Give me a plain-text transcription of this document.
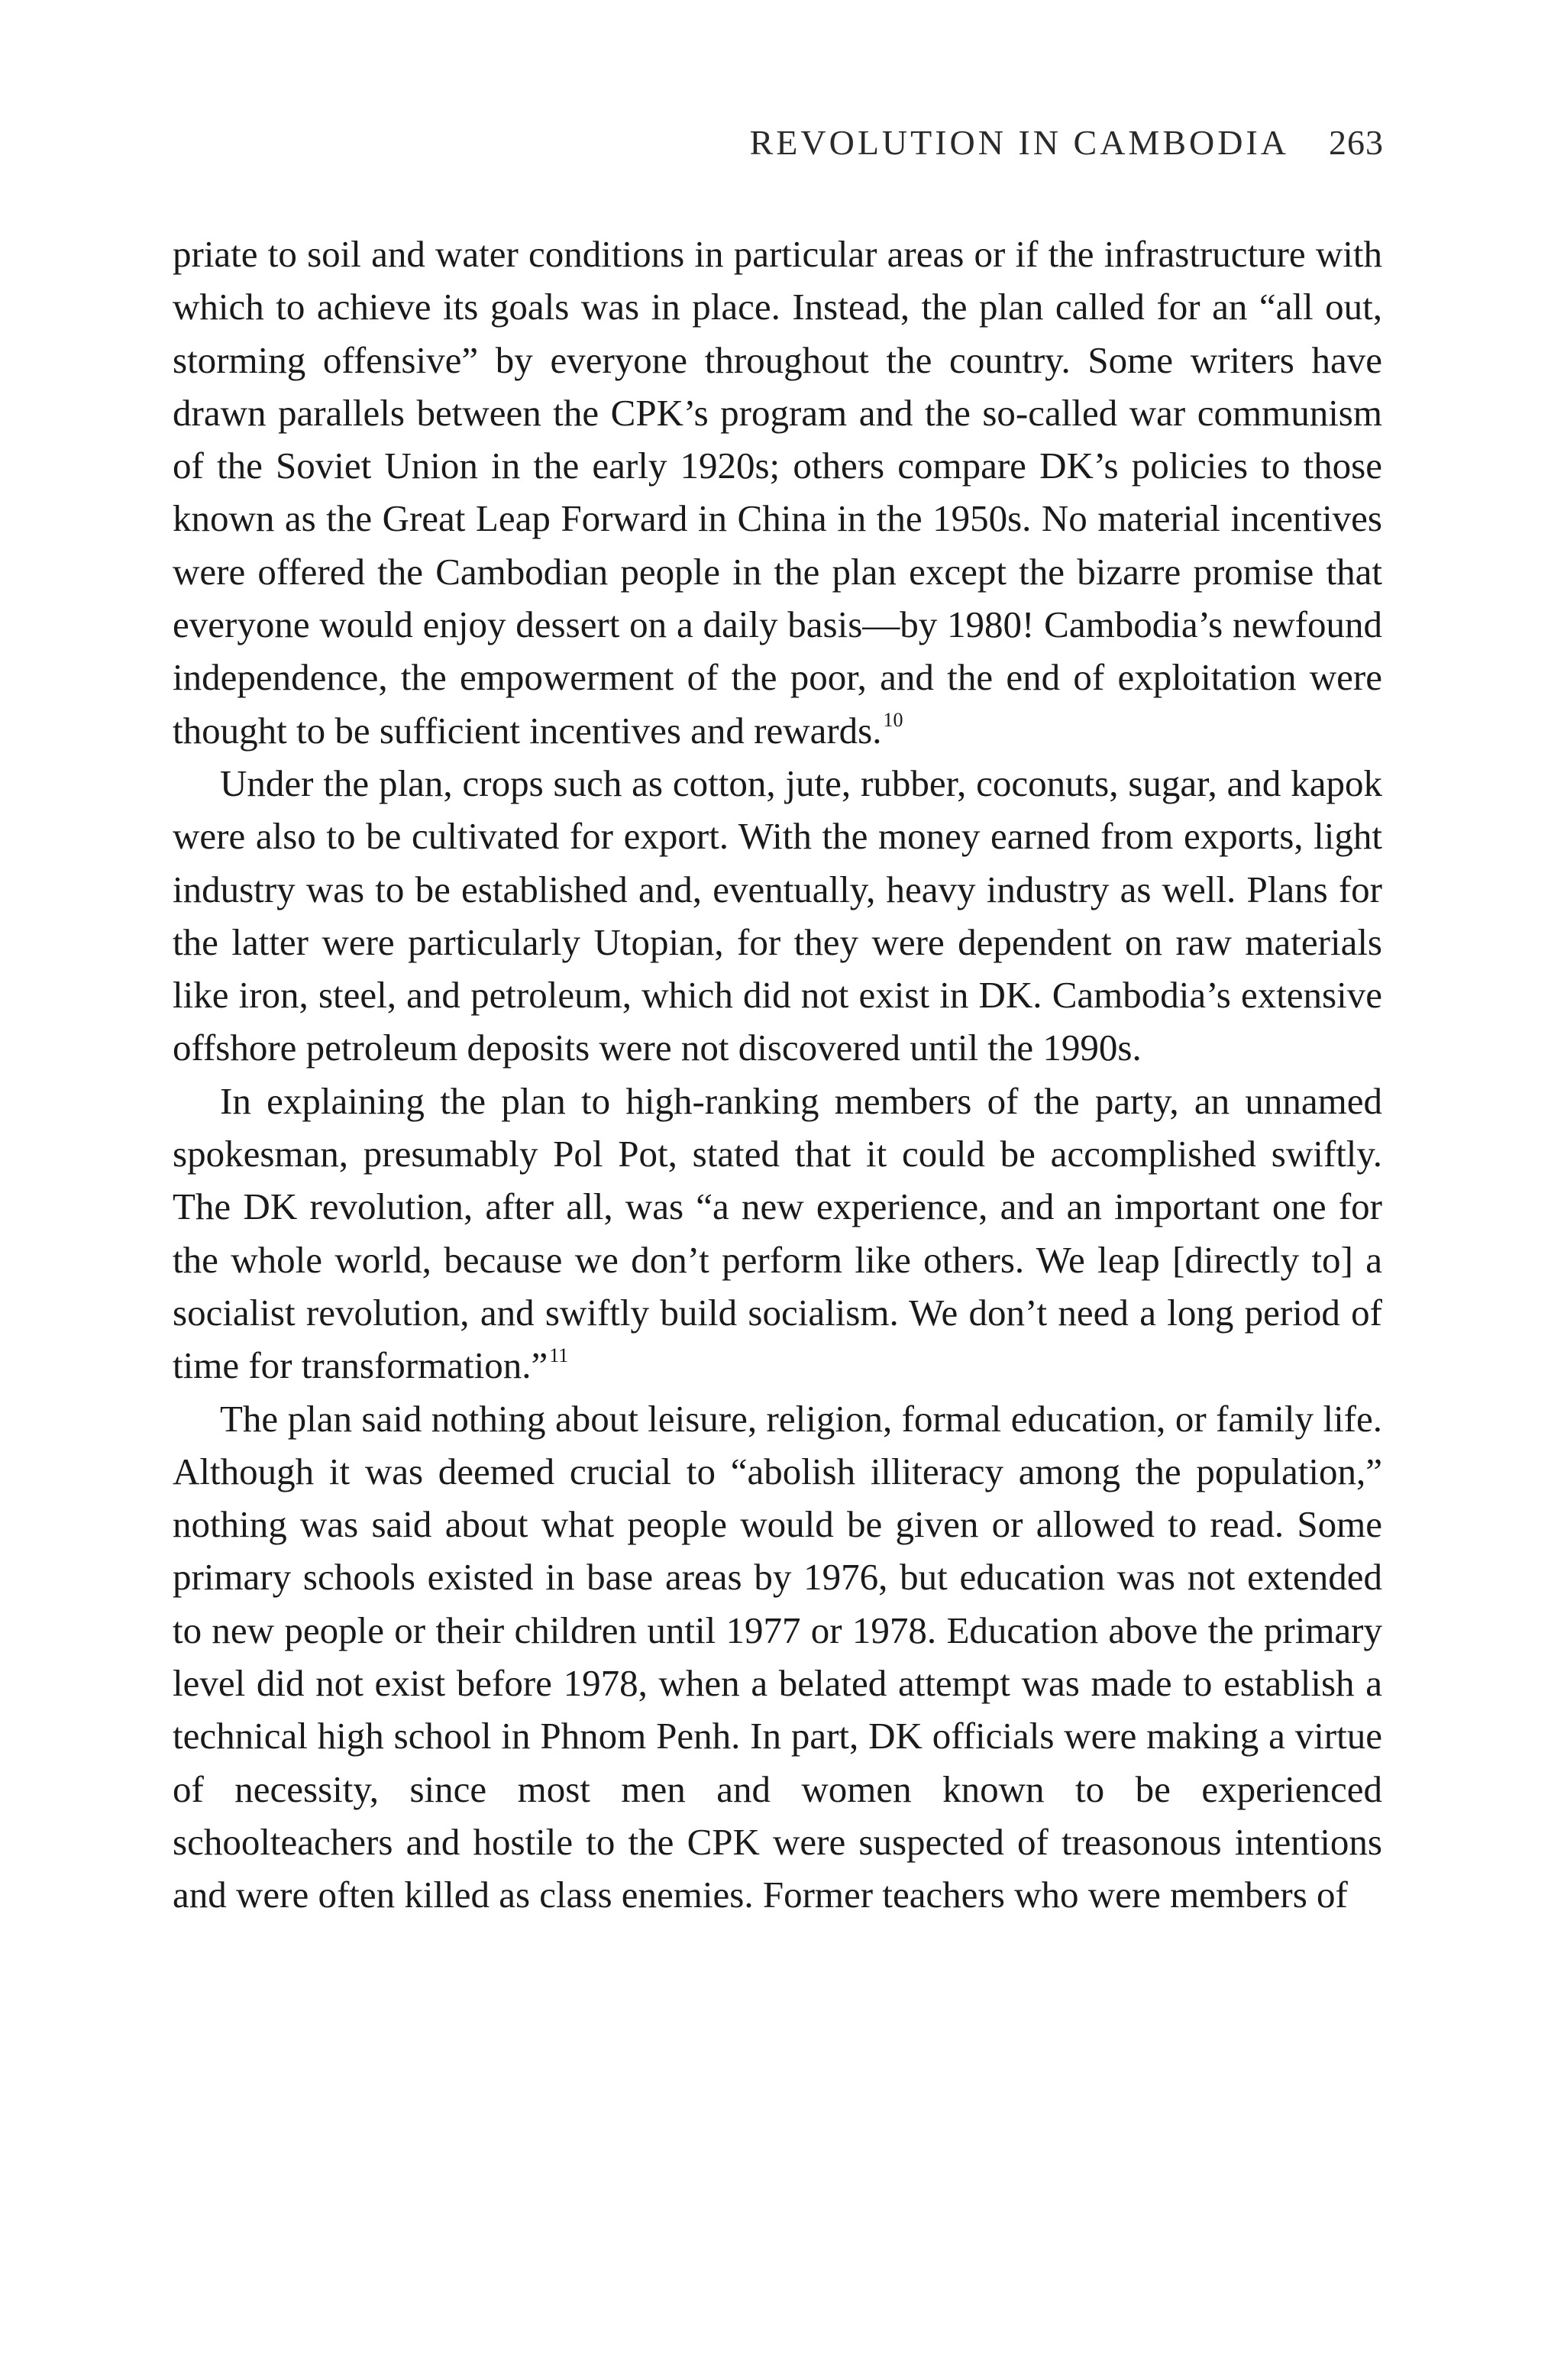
REVOLUTION IN CAMBODIA 263

priate to soil and water conditions in particular areas or if the infrastructure with which to achieve its goals was in place. Instead, the plan called for an “all out, storming offensive” by everyone throughout the country. Some writers have drawn parallels between the CPK’s program and the so-called war communism of the Soviet Union in the early 1920s; others compare DK’s policies to those known as the Great Leap Forward in China in the 1950s. No material incentives were offered the Cambodian people in the plan except the bizarre promise that everyone would enjoy dessert on a daily basis—by 1980! Cambodia’s newfound independence, the empowerment of the poor, and the end of exploitation were thought to be sufficient incentives and rewards.$^{10}$

Under the plan, crops such as cotton, jute, rubber, coconuts, sugar, and kapok were also to be cultivated for export. With the money earned from exports, light industry was to be established and, eventually, heavy industry as well. Plans for the latter were particularly Utopian, for they were dependent on raw materials like iron, steel, and petroleum, which did not exist in DK. Cambodia’s extensive offshore petroleum deposits were not discovered until the 1990s.

In explaining the plan to high-ranking members of the party, an unnamed spokesman, presumably Pol Pot, stated that it could be accomplished swiftly. The DK revolution, after all, was “a new experience, and an important one for the whole world, because we don’t perform like others. We leap [directly to] a socialist revolution, and swiftly build socialism. We don’t need a long period of time for transformation.”$^{11}$

The plan said nothing about leisure, religion, formal education, or family life. Although it was deemed crucial to “abolish illiteracy among the population,” nothing was said about what people would be given or allowed to read. Some primary schools existed in base areas by 1976, but education was not extended to new people or their children until 1977 or 1978. Education above the primary level did not exist before 1978, when a belated attempt was made to establish a technical high school in Phnom Penh. In part, DK officials were making a virtue of necessity, since most men and women known to be experienced schoolteachers and hostile to the CPK were suspected of treasonous intentions and were often killed as class enemies. Former teachers who were members of
